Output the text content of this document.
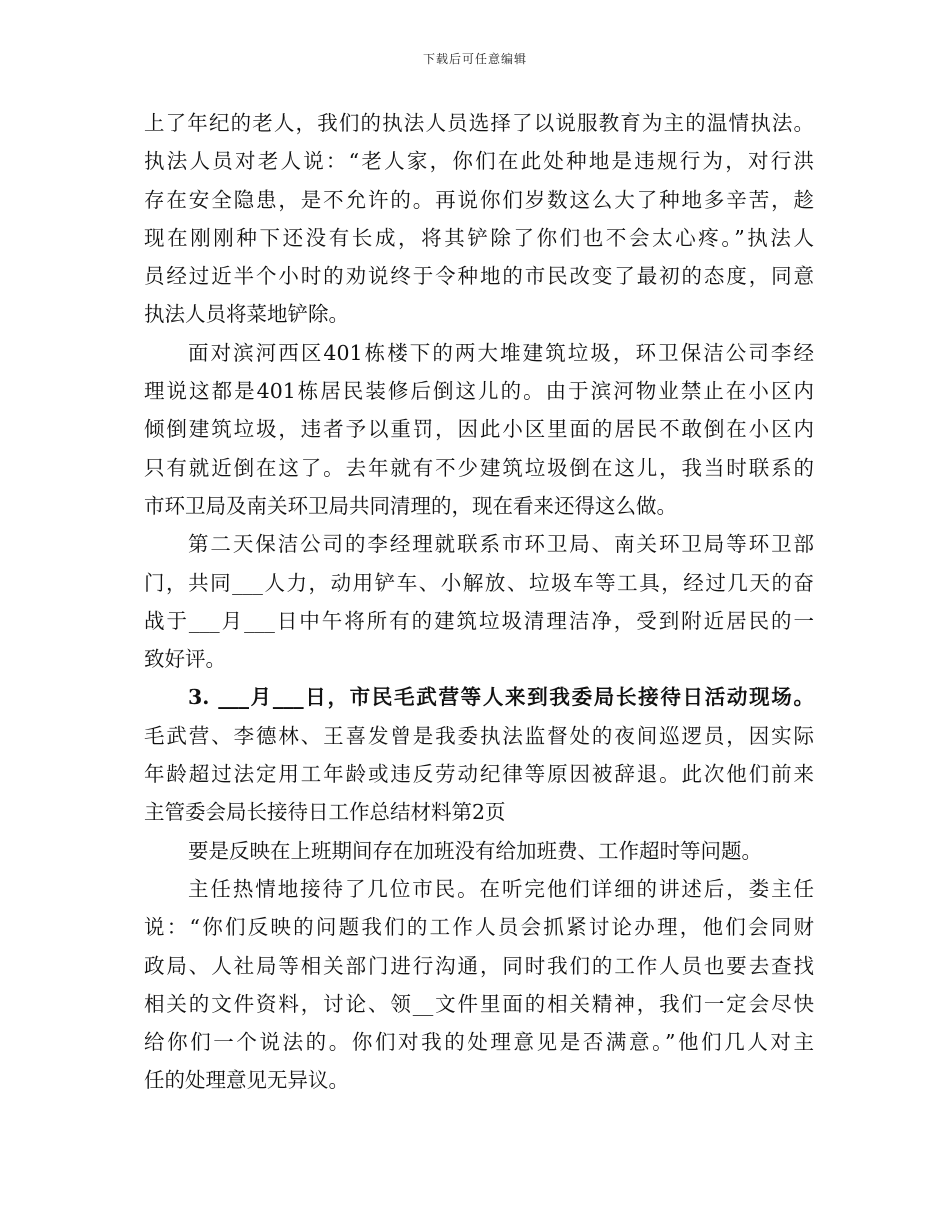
下载后可任意编辑
上了年纪的老人，我们的执法人员选择了以说服教育为主的温情执法。
执法人员对老人说：“老人家，你们在此处种地是违规行为，对行洪
存在安全隐患，是不允许的。再说你们岁数这么大了种地多辛苦，趁
现在刚刚种下还没有长成，将其铲除了你们也不会太心疼。”执法人
员经过近半个小时的劝说终于令种地的市民改变了最初的态度，同意
执法人员将菜地铲除。
面对滨河西区401栋楼下的两大堆建筑垃圾，环卫保洁公司李经
理说这都是401栋居民装修后倒这儿的。由于滨河物业禁止在小区内
倾倒建筑垃圾，违者予以重罚，因此小区里面的居民不敢倒在小区内
只有就近倒在这了。去年就有不少建筑垃圾倒在这儿，我当时联系的
市环卫局及南关环卫局共同清理的，现在看来还得这么做。
第二天保洁公司的李经理就联系市环卫局、南关环卫局等环卫部
门，共同___人力，动用铲车、小解放、垃圾车等工具，经过几天的奋
战于___月___日中午将所有的建筑垃圾清理洁净，受到附近居民的一
致好评。
3. ___月___日，市民毛武营等人来到我委局长接待日活动现场。
毛武营、李德林、王喜发曾是我委执法监督处的夜间巡逻员，因实际
年龄超过法定用工年龄或违反劳动纪律等原因被辞退。此次他们前来
主管委会局长接待日工作总结材料第2页
要是反映在上班期间存在加班没有给加班费、工作超时等问题。
主任热情地接待了几位市民。在听完他们详细的讲述后，娄主任
说：“你们反映的问题我们的工作人员会抓紧讨论办理，他们会同财
政局、人社局等相关部门进行沟通，同时我们的工作人员也要去查找
相关的文件资料，讨论、领__文件里面的相关精神，我们一定会尽快
给你们一个说法的。你们对我的处理意见是否满意。”他们几人对主
任的处理意见无异议。
